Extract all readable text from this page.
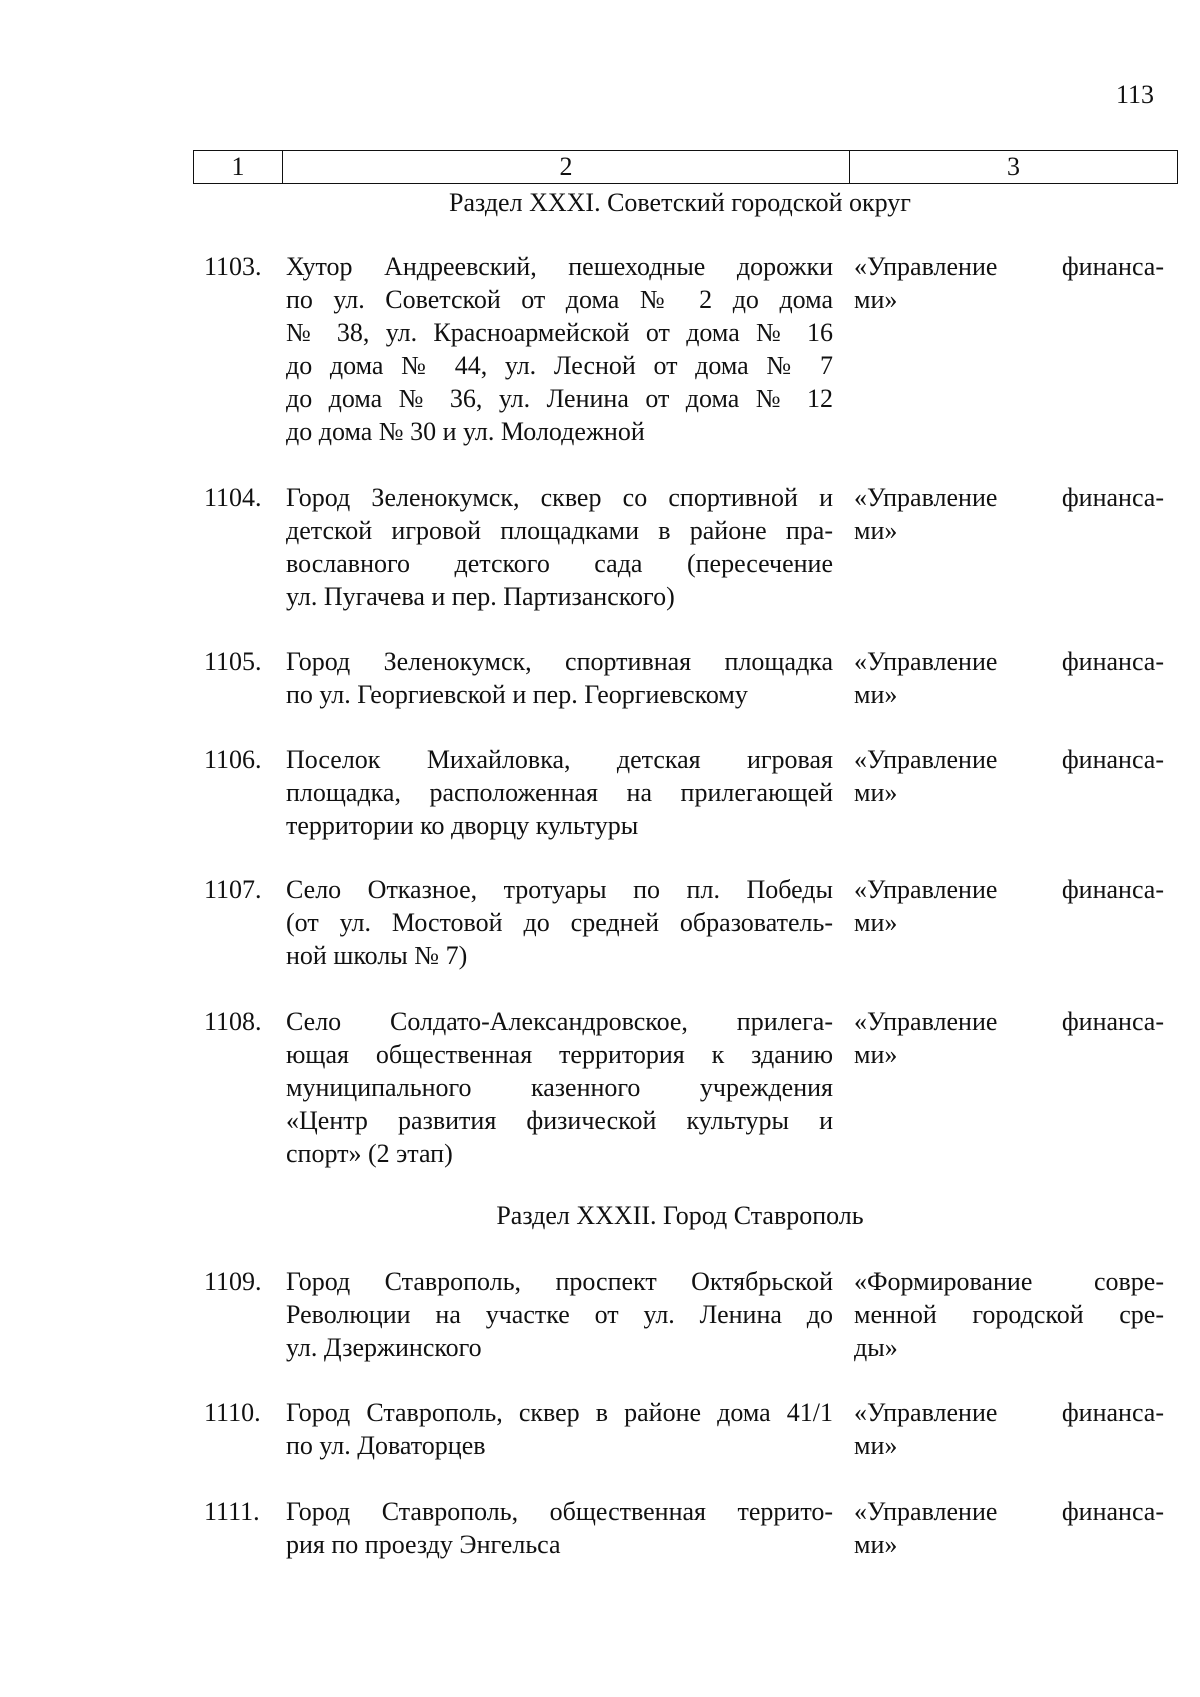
113
1	2	3
Раздел XXXI. Советский городской округ
1103. Хутор Андреевский, пешеходные дорожки
по ул. Советской от дома № 2 до дома
№ 38, ул. Красноармейской от дома № 16
до дома № 44, ул. Лесной от дома № 7
до дома № 36, ул. Ленина от дома № 12
до дома № 30 и ул. Молодежной
«Управление финанса-
ми»
1104. Город Зеленокумск, сквер со спортивной и
детской игровой площадками в районе пра-
вославного детского сада (пересечение
ул. Пугачева и пер. Партизанского)
«Управление финанса-
ми»
1105. Город Зеленокумск, спортивная площадка
по ул. Георгиевской и пер. Георгиевскому
«Управление финанса-
ми»
1106. Поселок Михайловка, детская игровая
площадка, расположенная на прилегающей
территории ко дворцу культуры
«Управление финанса-
ми»
1107. Село Отказное, тротуары по пл. Победы
(от ул. Мостовой до средней образователь-
ной школы № 7)
«Управление финанса-
ми»
1108. Село Солдато-Александровское, прилега-
ющая общественная территория к зданию
муниципального казенного учреждения
«Центр развития физической культуры и
спорт» (2 этап)
«Управление финанса-
ми»
Раздел XXXII. Город Ставрополь
1109. Город Ставрополь, проспект Октябрьской
Революции на участке от ул. Ленина до
ул. Дзержинского
«Формирование совре-
менной городской сре-
ды»
1110. Город Ставрополь, сквер в районе дома 41/1
по ул. Доваторцев
«Управление финанса-
ми»
1111. Город Ставрополь, общественная террито-
рия по проезду Энгельса
«Управление финанса-
ми»
